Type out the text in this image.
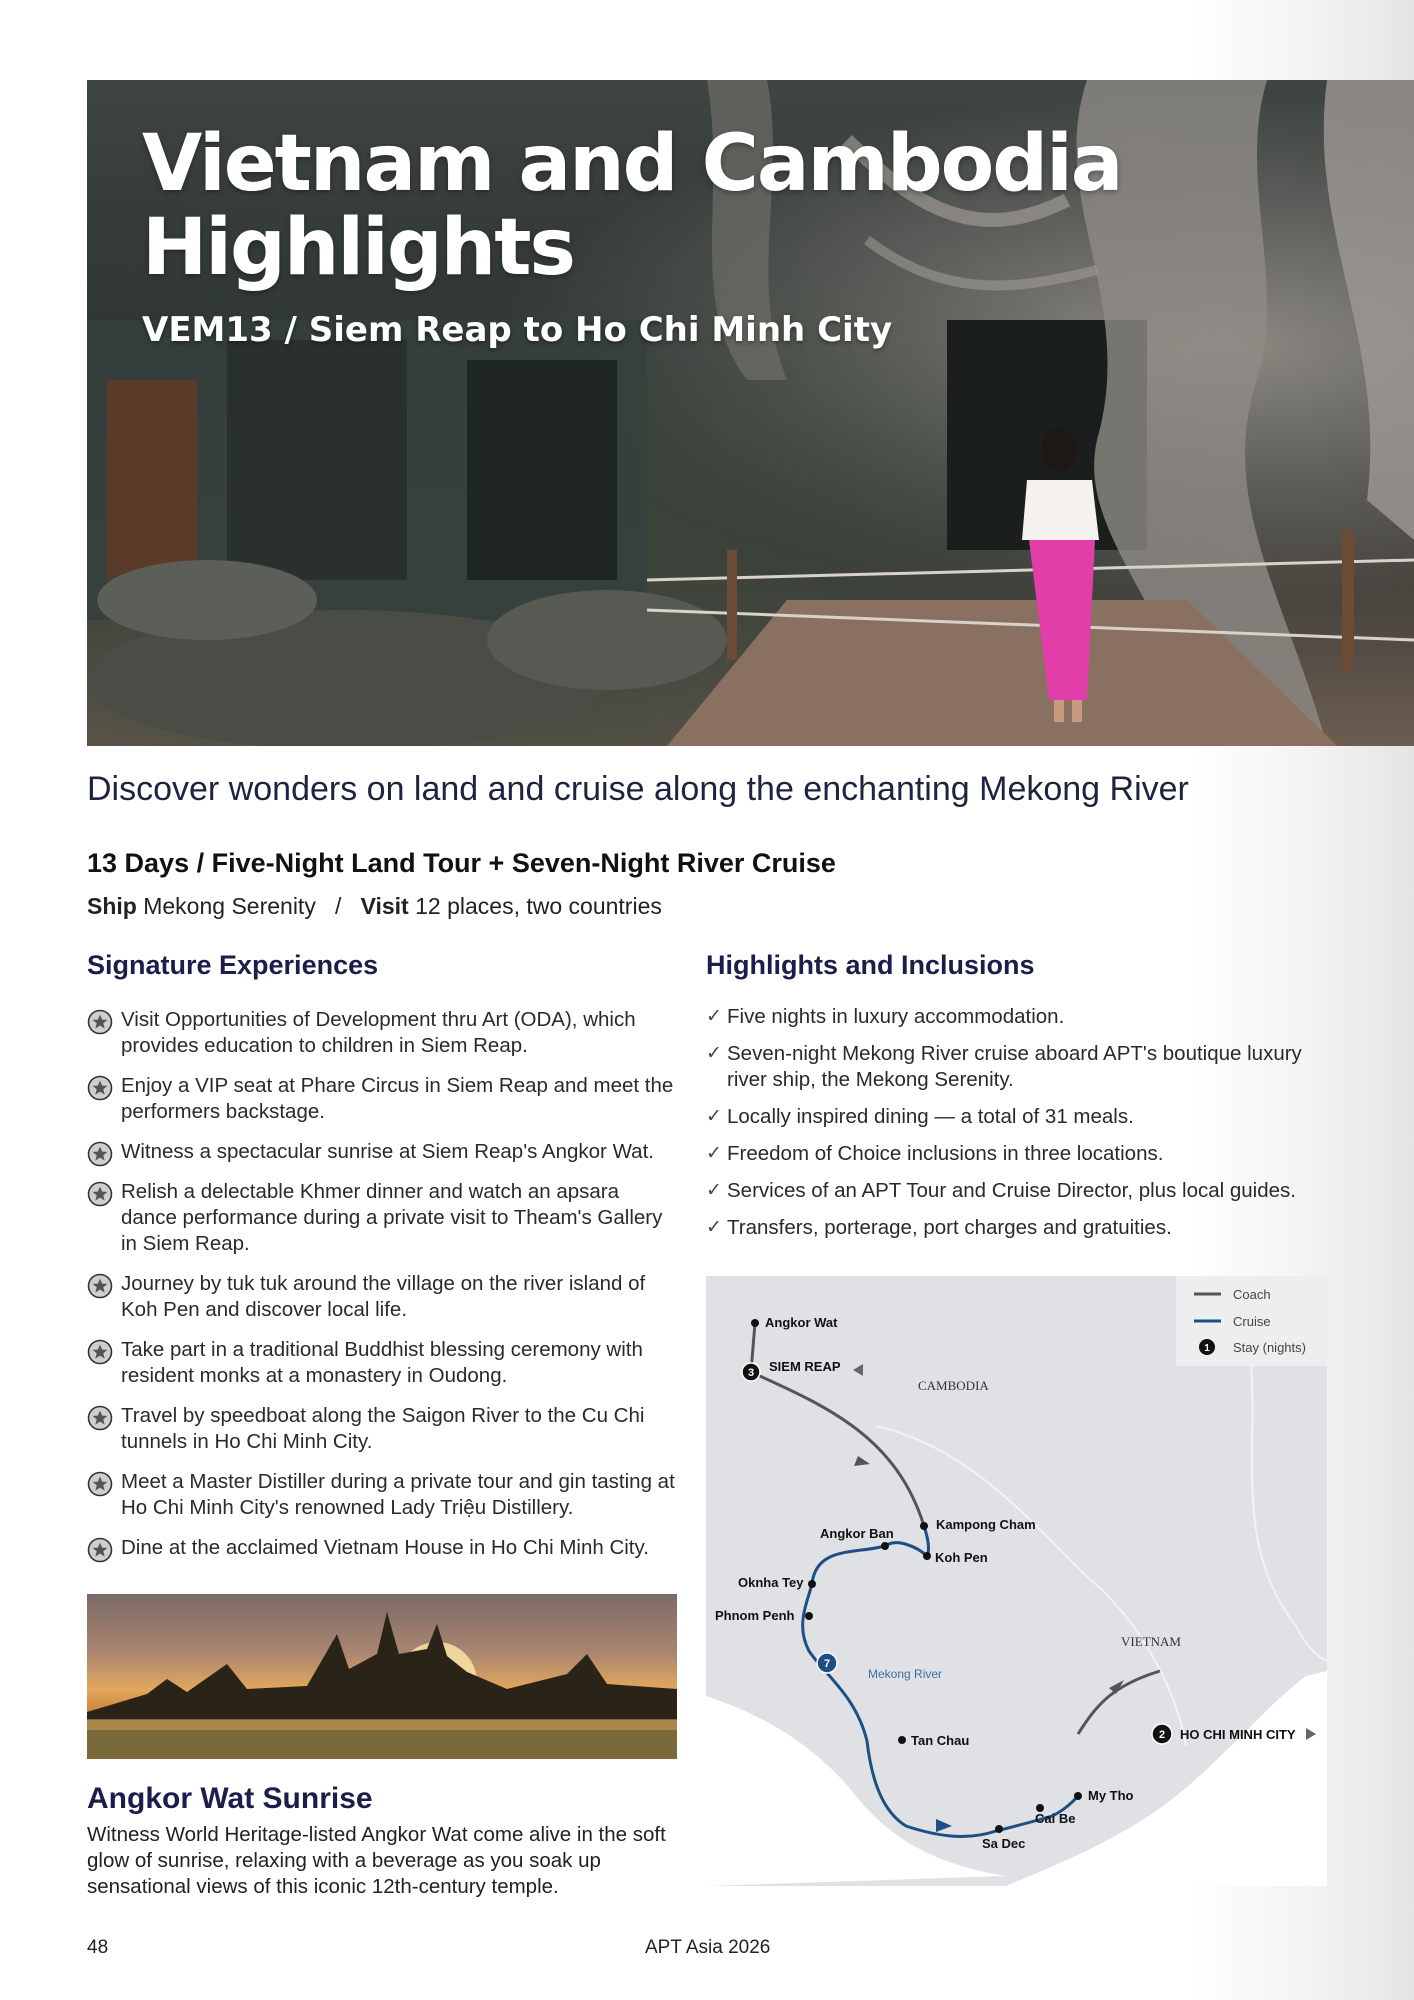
Vietnam and Cambodia
Highlights
VEM13 / Siem Reap to Ho Chi Minh City
Discover wonders on land and cruise along the enchanting Mekong River
13 Days / Five-Night Land Tour + Seven-Night River Cruise
Ship Mekong Serenity / Visit 12 places, two countries
Signature Experiences
Visit Opportunities of Development thru Art (ODA), which provides education to children in Siem Reap.
Enjoy a VIP seat at Phare Circus in Siem Reap and meet the performers backstage.
Witness a spectacular sunrise at Siem Reap's Angkor Wat.
Relish a delectable Khmer dinner and watch an apsara dance performance during a private visit to Theam's Gallery in Siem Reap.
Journey by tuk tuk around the village on the river island of Koh Pen and discover local life.
Take part in a traditional Buddhist blessing ceremony with resident monks at a monastery in Oudong.
Travel by speedboat along the Saigon River to the Cu Chi tunnels in Ho Chi Minh City.
Meet a Master Distiller during a private tour and gin tasting at Ho Chi Minh City's renowned Lady Triệu Distillery.
Dine at the acclaimed Vietnam House in Ho Chi Minh City.
Highlights and Inclusions
✓ Five nights in luxury accommodation.
✓ Seven-night Mekong River cruise aboard APT's boutique luxury river ship, the Mekong Serenity.
✓ Locally inspired dining — a total of 31 meals.
✓ Freedom of Choice inclusions in three locations.
✓ Services of an APT Tour and Cruise Director, plus local guides.
✓ Transfers, porterage, port charges and gratuities.
Coach
Cruise
1 Stay (nights)
CAMBODIA
VIETNAM
Angkor Wat
3 SIEM REAP
Kampong Cham
Angkor Ban
Koh Pen
Oknha Tey
Phnom Penh
7
Mekong River
Tan Chau
My Tho
Cai Be
Sa Dec
2 HO CHI MINH CITY
Angkor Wat Sunrise
Witness World Heritage-listed Angkor Wat come alive in the soft glow of sunrise, relaxing with a beverage as you soak up sensational views of this iconic 12th-century temple.
48	APT Asia 2026
